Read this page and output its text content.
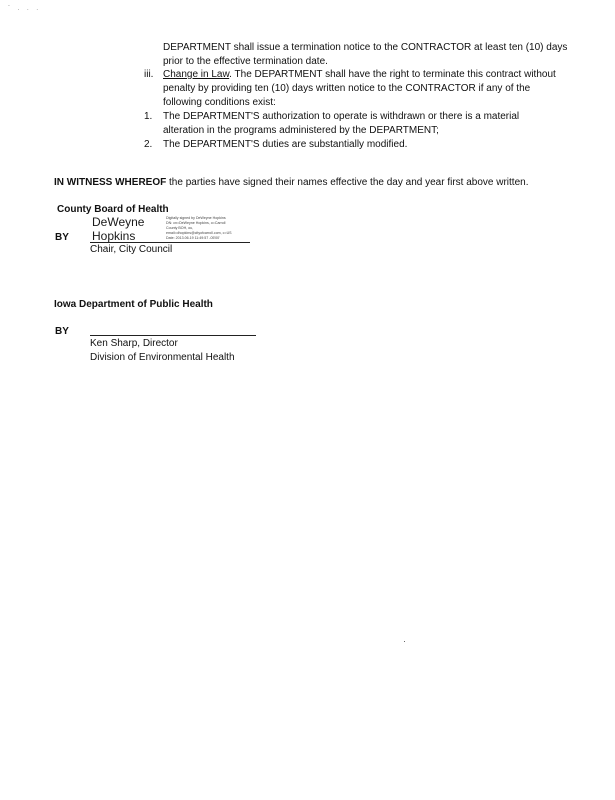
` . . .
DEPARTMENT shall issue a termination notice to the CONTRACTOR at least ten (10) days
prior to the effective termination date.
iii. Change in Law. The DEPARTMENT shall have the right to terminate this contract without
penalty by providing ten (10) days written notice to the CONTRACTOR if any of the
following conditions exist:
1. The DEPARTMENT'S authorization to operate is withdrawn or there is a material
alteration in the programs administered by the DEPARTMENT;
2. The DEPARTMENT'S duties are substantially modified.
IN WITNESS WHEREOF the parties have signed their names effective the day and year first above written.
County Board of Health
BY
DeWeyne
Hopkins
Digitally signed by DeWeyne Hopkins
DN: cn=DeWeyne Hopkins, o=Carroll
County BOH, ou,
email=dhopkins@cityofcarroll.com, c=US
Date: 2013.06.19 11:49:57 -05'00'
Chair, City Council
Iowa Department of Public Health
BY
Ken Sharp, Director
Division of Environmental Health
